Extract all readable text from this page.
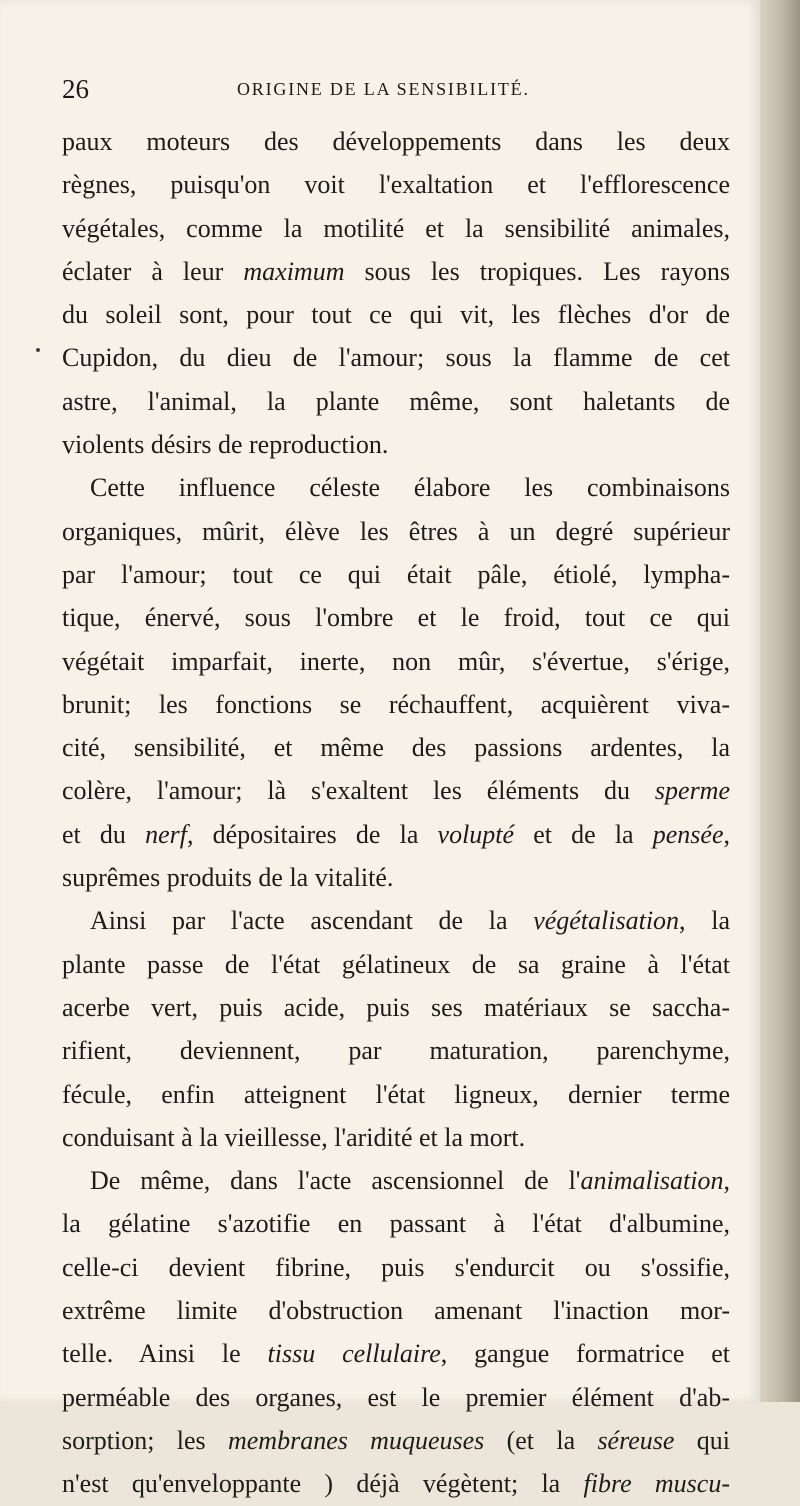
26	ORIGINE DE LA SENSIBILITÉ.
paux moteurs des développements dans les deux
règnes, puisqu'on voit l'exaltation et l'efflorescence
végétales, comme la motilité et la sensibilité animales,
éclater à leur maximum sous les tropiques. Les rayons
du soleil sont, pour tout ce qui vit, les flèches d'or de
Cupidon, du dieu de l'amour; sous la flamme de cet
astre, l'animal, la plante même, sont haletants de
violents désirs de reproduction.
Cette influence céleste élabore les combinaisons
organiques, mûrit, élève les êtres à un degré supérieur
par l'amour; tout ce qui était pâle, étiolé, lympha-
tique, énervé, sous l'ombre et le froid, tout ce qui
végétait imparfait, inerte, non mûr, s'évertue, s'érige,
brunit; les fonctions se réchauffent, acquièrent viva-
cité, sensibilité, et même des passions ardentes, la
colère, l'amour; là s'exaltent les éléments du sperme
et du nerf, dépositaires de la volupté et de la pensée,
suprêmes produits de la vitalité.
Ainsi par l'acte ascendant de la végétalisation, la
plante passe de l'état gélatineux de sa graine à l'état
acerbe vert, puis acide, puis ses matériaux se saccha-
rifient, deviennent, par maturation, parenchyme,
fécule, enfin atteignent l'état ligneux, dernier terme
conduisant à la vieillesse, l'aridité et la mort.
De même, dans l'acte ascensionnel de l'animalisation,
la gélatine s'azotifie en passant à l'état d'albumine,
celle-ci devient fibrine, puis s'endurcit ou s'ossifie,
extrême limite d'obstruction amenant l'inaction mor-
telle. Ainsi le tissu cellulaire, gangue formatrice et
perméable des organes, est le premier élément d'ab-
sorption; les membranes muqueuses (et la séreuse qui
n'est qu'enveloppante ) déjà végètent; la fibre muscu-
